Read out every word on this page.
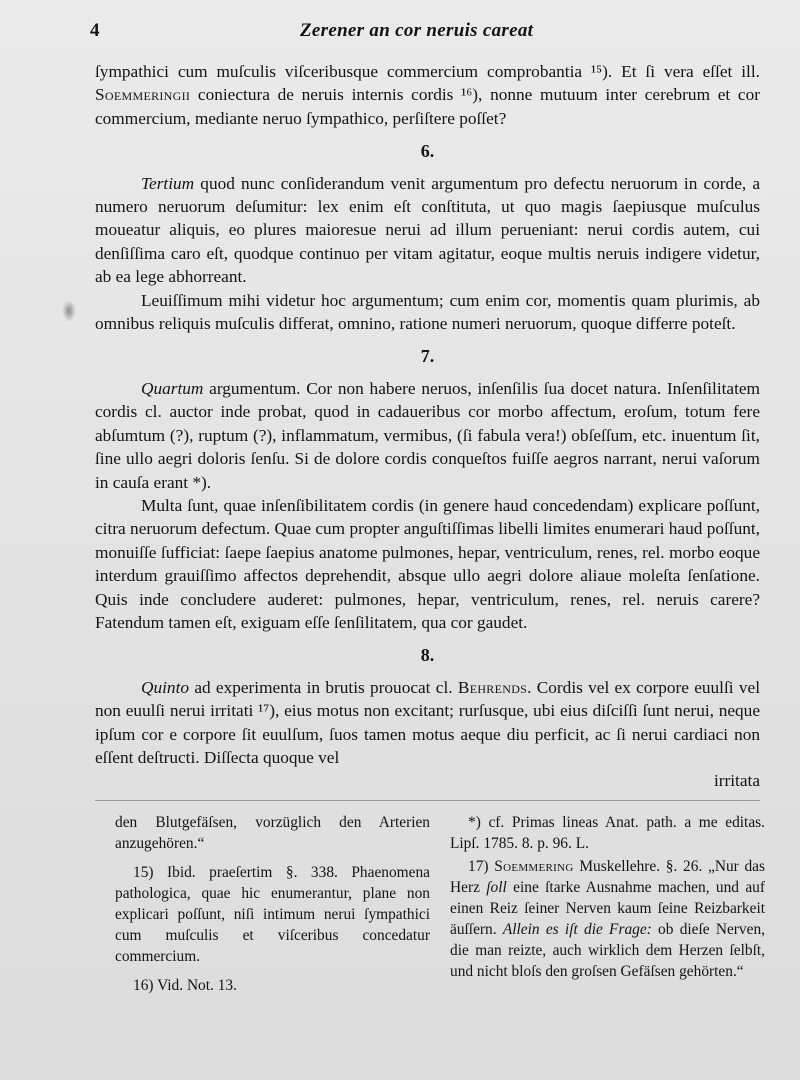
4	Zerener an cor neruis careat

ſympathici cum muſculis viſceribusque commercium comprobantia ¹⁵). Et ſi vera eſſet ill. Soemmeringii coniectura de neruis internis cordis ¹⁶), nonne mutuum inter cerebrum et cor commercium, mediante neruo ſympathico, perſiſtere poſſet?

6.

Tertium quod nunc conſiderandum venit argumentum pro defectu neruorum in corde, a numero neruorum deſumitur: lex enim eſt conſtituta, ut quo magis ſaepiusque muſculus moueatur aliquis, eo plures maioresue nerui ad illum perueniant: nerui cordis autem, cui denſiſſima caro eſt, quodque continuo per vitam agitatur, eoque multis neruis indigere videtur, ab ea lege abhorreant.

Leuiſſimum mihi videtur hoc argumentum; cum enim cor, momentis quam plurimis, ab omnibus reliquis muſculis differat, omnino, ratione numeri neruorum, quoque differre poteſt.

7.

Quartum argumentum. Cor non habere neruos, inſenſilis ſua docet natura. Inſenſilitatem cordis cl. auctor inde probat, quod in cadaueribus cor morbo affectum, eroſum, totum fere abſumtum (?), ruptum (?), inflammatum, vermibus, (ſi fabula vera!) obſeſſum, etc. inuentum ſit, ſine ullo aegri doloris ſenſu. Si de dolore cordis conqueſtos fuiſſe aegros narrant, nerui vaſorum in cauſa erant *).

Multa ſunt, quae inſenſibilitatem cordis (in genere haud concedendam) explicare poſſunt, citra neruorum defectum. Quae cum propter anguſtiſſimas libelli limites enumerari haud poſſunt, monuiſſe ſufficiat: ſaepe ſaepius anatome pulmones, hepar, ventriculum, renes, rel. morbo eoque interdum grauiſſimo affectos deprehendit, absque ullo aegri dolore aliaue moleſta ſenſatione. Quis inde concludere auderet: pulmones, hepar, ventriculum, renes, rel. neruis carere? Fatendum tamen eſt, exiguam eſſe ſenſilitatem, qua cor gaudet.

8.

Quinto ad experimenta in brutis prouocat cl. Behrends. Cordis vel ex corpore euulſi vel non euulſi nerui irritati ¹⁷), eius motus non excitant; rurſusque, ubi eius diſciſſi ſunt nerui, neque ipſum cor e corpore ſit euulſum, ſuos tamen motus aeque diu perficit, ac ſi nerui cardiaci non eſſent deſtructi. Diſſecta quoque vel

irritata

den Blutgefäſsen, vorzüglich den Arterien anzugehören.“

15) Ibid. praeſertim §. 338. Phaenomena pathologica, quae hic enumerantur, plane non explicari poſſunt, niſi intimum nerui ſympathici cum muſculis et viſceribus concedatur commercium.

16) Vid. Not. 13.

*) cf. Primas lineas Anat. path. a me editas. Lipſ. 1785. 8. p. 96. L.

17) Soemmering Muskellehre. §. 26. „Nur das Herz ſoll eine ſtarke Ausnahme machen, und auf einen Reiz ſeiner Nerven kaum ſeine Reizbarkeit äuſſern. Allein es iſt die Frage: ob dieſe Nerven, die man reizte, auch wirklich dem Herzen ſelbſt, und nicht bloſs den groſsen Gefäſsen gehörten.“
